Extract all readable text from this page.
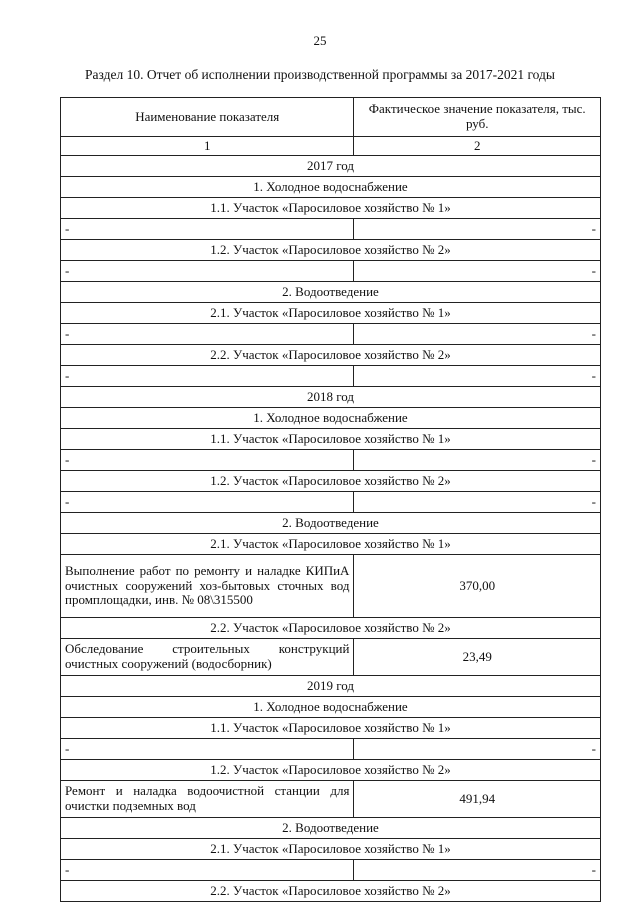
25
Раздел 10. Отчет об исполнении производственной программы за 2017-2021 годы
Наименование показателя	Фактическое значение показателя, тыс. руб.
1	2
2017 год	
1. Холодное водоснабжение	
1.1. Участок «Паросиловое хозяйство № 1»	
-	-
1.2. Участок «Паросиловое хозяйство № 2»	
-	-
2. Водоотведение	
2.1. Участок «Паросиловое хозяйство № 1»	
-	-
2.2. Участок «Паросиловое хозяйство № 2»	
-	-
2018 год	
1. Холодное водоснабжение	
1.1. Участок «Паросиловое хозяйство № 1»	
-	-
1.2. Участок «Паросиловое хозяйство № 2»	
-	-
2. Водоотведение	
2.1. Участок «Паросиловое хозяйство № 1»	
Выполнение работ по ремонту и наладке КИПиА очистных сооружений хоз-бытовых сточных вод промплощадки, инв. № 08\315500	370,00
2.2. Участок «Паросиловое хозяйство № 2»	
Обследование строительных конструкций очистных сооружений (водосборник)	23,49
2019 год	
1. Холодное водоснабжение	
1.1. Участок «Паросиловое хозяйство № 1»	
-	-
1.2. Участок «Паросиловое хозяйство № 2»	
Ремонт и наладка водоочистной станции для очистки подземных вод	491,94
2. Водоотведение	
2.1. Участок «Паросиловое хозяйство № 1»	
-	-
2.2. Участок «Паросиловое хозяйство № 2»	
